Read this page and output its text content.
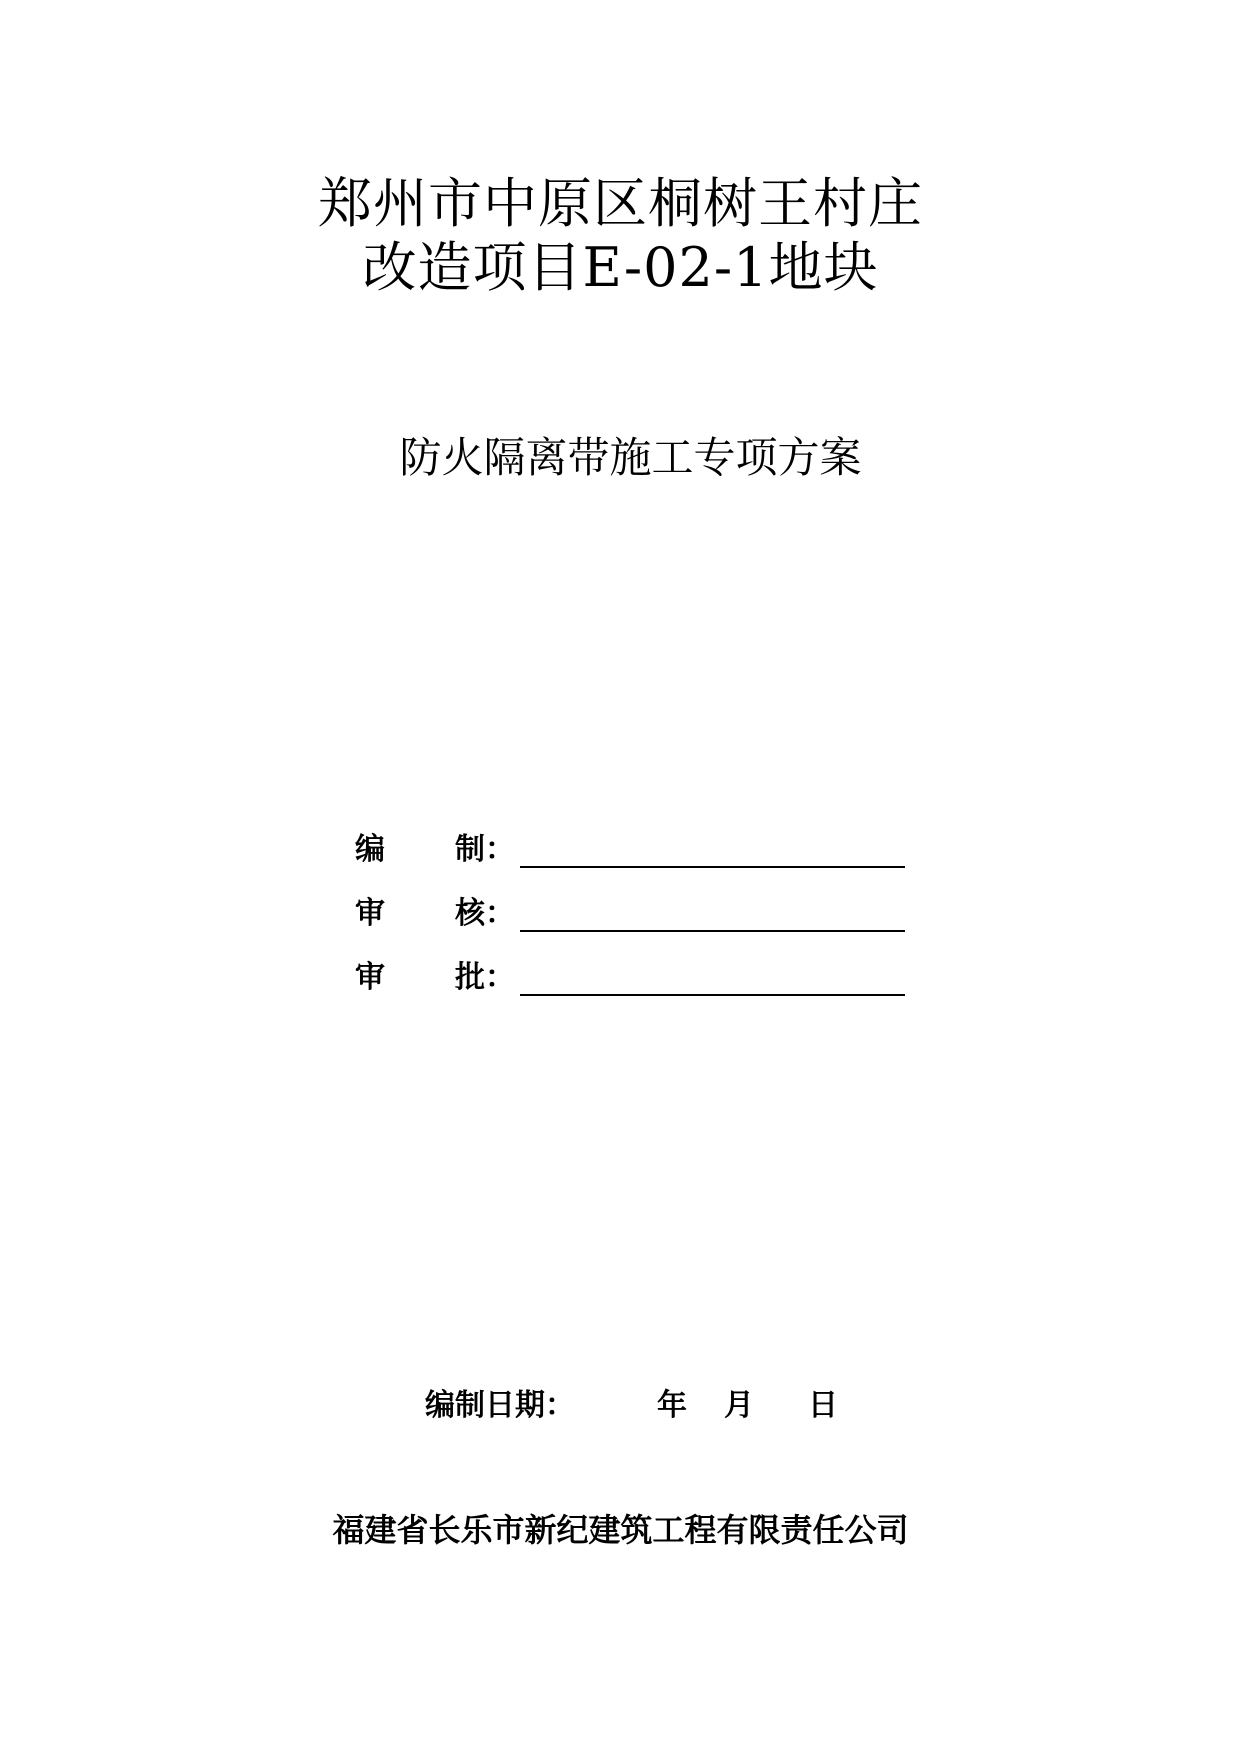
郑州市中原区桐树王村庄
改造项目E-02-1地块
防火隔离带施工专项方案
编 制：
审 核：
审 批：
编制日期：	年 月 日
福建省长乐市新纪建筑工程有限责任公司
